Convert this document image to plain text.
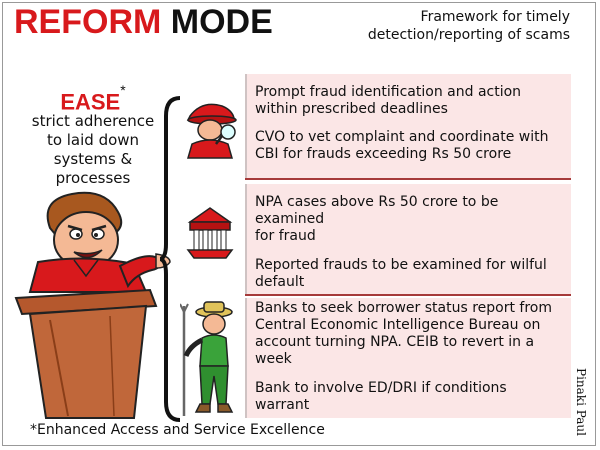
REFORM MODE	Framework for timely
detection/reporting of scams
EASE*
strict adherence
to laid down
systems &
processes

Prompt fraud identification and action

within prescribed deadlines

CVO to vet complaint and coordinate with

CBI for frauds exceeding Rs 50 crore

NPA cases above Rs 50 crore to be examined

for fraud

Reported frauds to be examined for wilful

default

Banks to seek borrower status report from

Central Economic Intelligence Bureau on

account turning NPA. CEIB to revert in a week

Bank to involve ED/DRI if conditions

warrant

*Enhanced Access and Service Excellence	Pinaki Paul
